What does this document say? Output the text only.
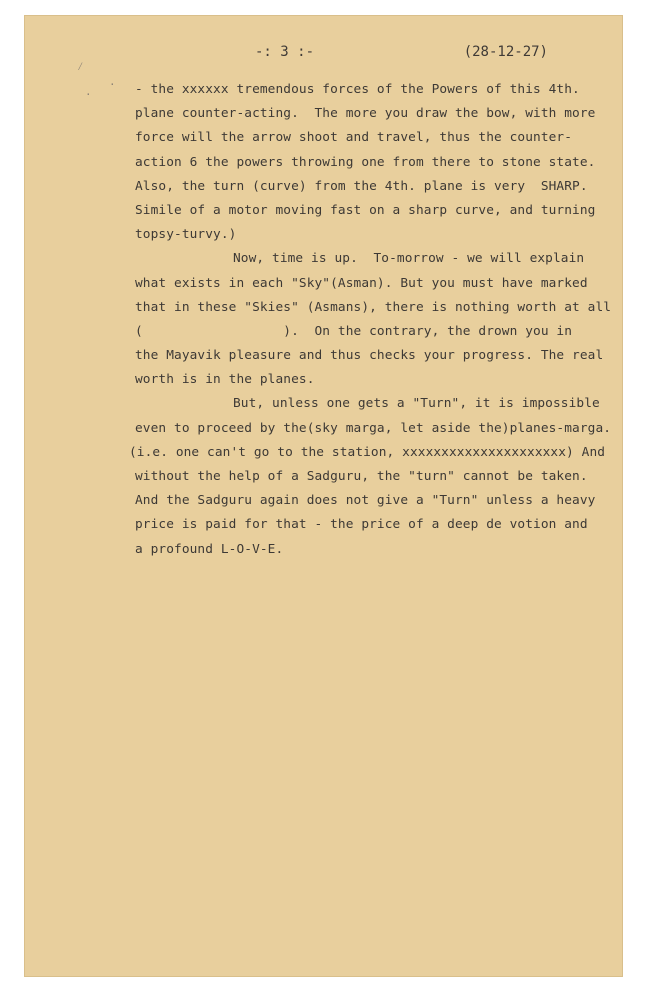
-: 3 :-	(28-12-27)
⁄
·
· - the xxxxxx tremendous forces of the Powers of this 4th.
plane counter-acting.  The more you draw the bow, with more
force will the arrow shoot and travel, thus the counter-
action 6 the powers throwing one from there to stone state.
Also, the turn (curve) from the 4th. plane is very  SHARP.
Simile of a motor moving fast on a sharp curve, and turning
topsy-turvy.)
Now, time is up.  To-morrow - we will explain
what exists in each "Sky"(Asman). But you must have marked
that in these "Skies" (Asmans), there is nothing worth at all
(                  ).  On the contrary, the drown you in
the Mayavik pleasure and thus checks your progress. The real
worth is in the planes.
But, unless one gets a "Turn", it is impossible
even to proceed by the(sky marga, let aside the)planes-marga.
(i.e. one can't go to the station, xxxxxxxxxxxxxxxxxxxxx) And
without the help of a Sadguru, the "turn" cannot be taken.
And the Sadguru again does not give a "Turn" unless a heavy
price is paid for that - the price of a deep de votion and
a profound L-O-V-E.
